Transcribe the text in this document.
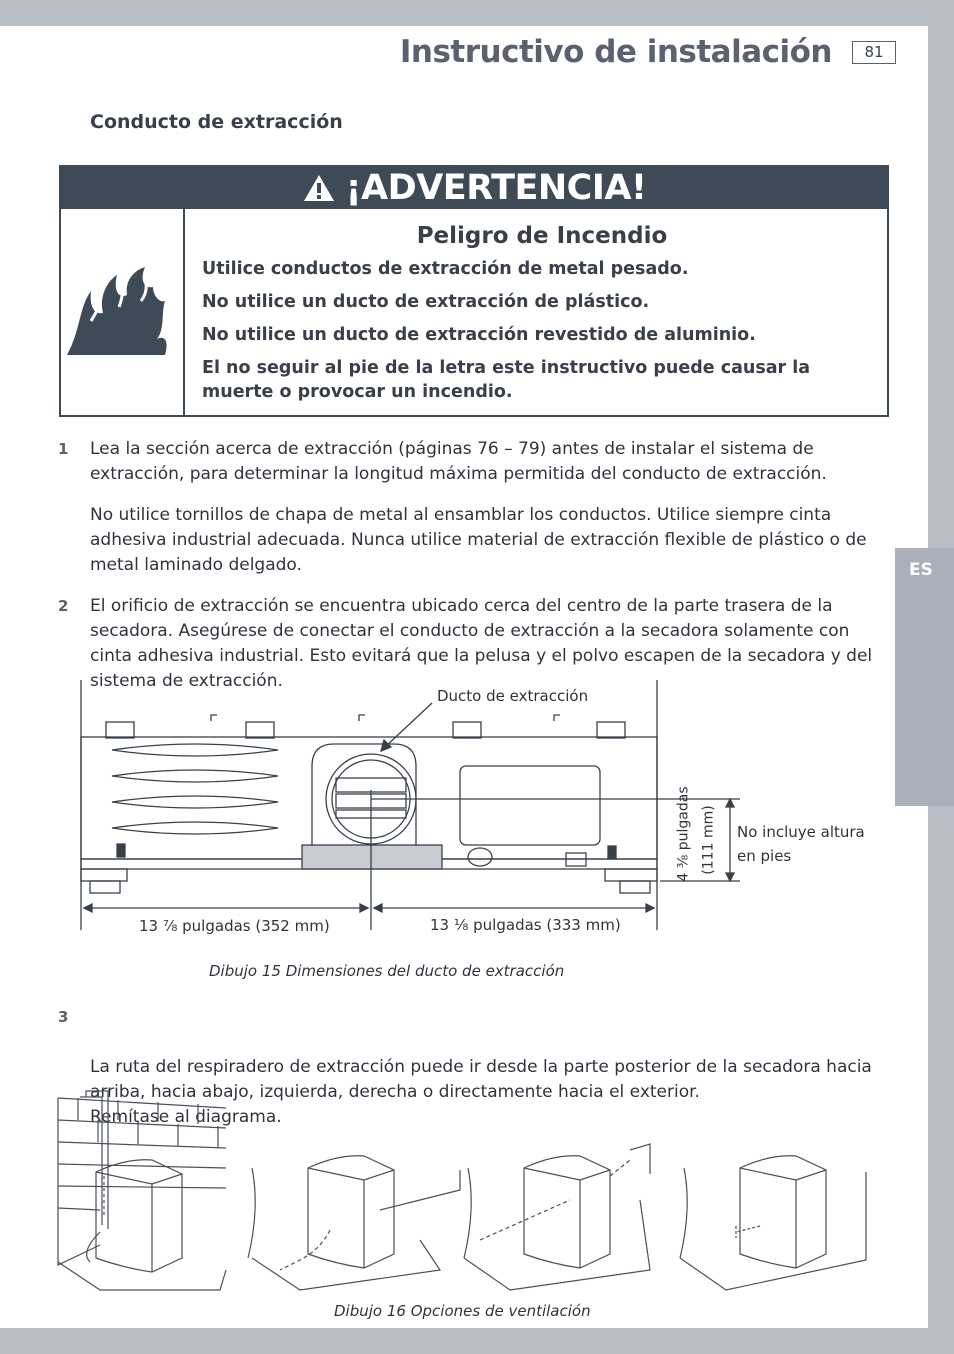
ES
Instructivo de instalación	81
Conducto de extracción
¡ADVERTENCIA!

Peligro de Incendio

Utilice conductos de extracción de metal pesado.

No utilice un ducto de extracción de plástico.

No utilice un ducto de extracción revestido de aluminio.

El no seguir al pie de la letra este instructivo puede causar la muerte o provocar un incendio.

1 Lea la sección acerca de extracción (páginas 76 – 79) antes de instalar el sistema de extracción, para determinar la longitud máxima permitida del conducto de extracción.
No utilice tornillos de chapa de metal al ensamblar los conductos. Utilice siempre cinta adhesiva industrial adecuada. Nunca utilice material de extracción flexible de plástico o de metal laminado delgado.
2 El orificio de extracción se encuentra ubicado cerca del centro de la parte trasera de la secadora. Asegúrese de conectar el conducto de extracción a la secadora solamente con cinta adhesiva industrial. Esto evitará que la pelusa y el polvo escapen de la secadora y del sistema de extracción.
Ducto de extracción
13 ⁷⁄₈ pulgadas (352 mm)	13 ¹⁄₈ pulgadas (333 mm)
4 ³⁄₈ pulgadas (111 mm) No incluye altura
en pies
Dibujo 15 Dimensiones del ducto de extracción

3

La ruta del respiradero de extracción puede ir desde la parte posterior de la secadora hacia arriba, hacia abajo, izquierda, derecha o directamente hacia el exterior.
Remítase al diagrama.

Dibujo 16 Opciones de ventilación
